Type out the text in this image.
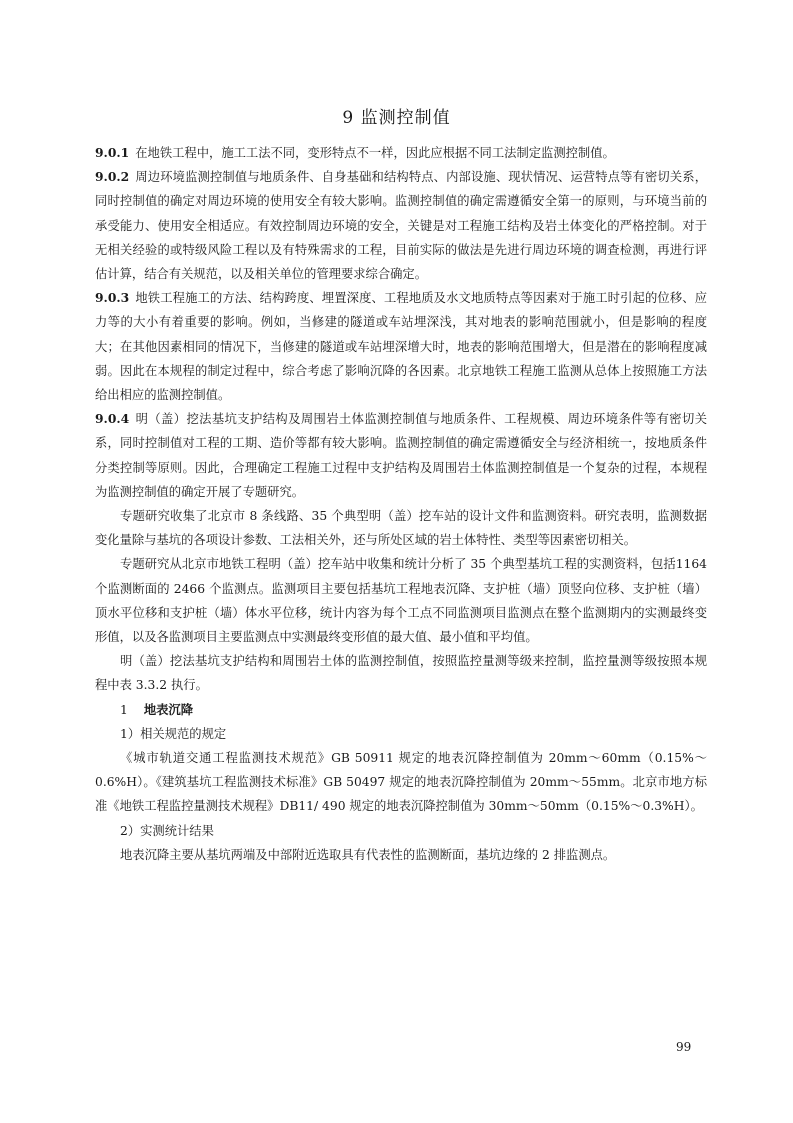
9 监测控制值

9.0.1 在地铁工程中，施工工法不同，变形特点不一样，因此应根据不同工法制定监测控制值。

9.0.2 周边环境监测控制值与地质条件、自身基础和结构特点、内部设施、现状情况、运营特点等有密切关系，同时控制值的确定对周边环境的使用安全有较大影响。监测控制值的确定需遵循安全第一的原则，与环境当前的承受能力、使用安全相适应。有效控制周边环境的安全，关键是对工程施工结构及岩土体变化的严格控制。对于无相关经验的或特级风险工程以及有特殊需求的工程，目前实际的做法是先进行周边环境的调查检测，再进行评估计算，结合有关规范，以及相关单位的管理要求综合确定。

9.0.3 地铁工程施工的方法、结构跨度、埋置深度、工程地质及水文地质特点等因素对于施工时引起的位移、应力等的大小有着重要的影响。例如，当修建的隧道或车站埋深浅，其对地表的影响范围就小，但是影响的程度大；在其他因素相同的情况下，当修建的隧道或车站埋深增大时，地表的影响范围增大，但是潜在的影响程度减弱。因此在本规程的制定过程中，综合考虑了影响沉降的各因素。北京地铁工程施工监测从总体上按照施工方法给出相应的监测控制值。

9.0.4 明（盖）挖法基坑支护结构及周围岩土体监测控制值与地质条件、工程规模、周边环境条件等有密切关系，同时控制值对工程的工期、造价等都有较大影响。监测控制值的确定需遵循安全与经济相统一，按地质条件分类控制等原则。因此，合理确定工程施工过程中支护结构及周围岩土体监测控制值是一个复杂的过程，本规程为监测控制值的确定开展了专题研究。

专题研究收集了北京市 8 条线路、35 个典型明（盖）挖车站的设计文件和监测资料。研究表明，监测数据变化量除与基坑的各项设计参数、工法相关外，还与所处区域的岩土体特性、类型等因素密切相关。

专题研究从北京市地铁工程明（盖）挖车站中收集和统计分析了 35 个典型基坑工程的实测资料，包括1164 个监测断面的 2466 个监测点。监测项目主要包括基坑工程地表沉降、支护桩（墙）顶竖向位移、支护桩（墙）顶水平位移和支护桩（墙）体水平位移，统计内容为每个工点不同监测项目监测点在整个监测期内的实测最终变形值，以及各监测项目主要监测点中实测最终变形值的最大值、最小值和平均值。

明（盖）挖法基坑支护结构和周围岩土体的监测控制值，按照监控量测等级来控制，监控量测等级按照本规程中表 3.3.2 执行。

1 地表沉降

1）相关规范的规定

《城市轨道交通工程监测技术规范》GB 50911 规定的地表沉降控制值为 20mm～60mm（0.15%～0.6%H）。《建筑基坑工程监测技术标准》GB 50497 规定的地表沉降控制值为 20mm～55mm。北京市地方标准《地铁工程监控量测技术规程》DB11/ 490 规定的地表沉降控制值为 30mm～50mm（0.15%～0.3%H）。

2）实测统计结果

地表沉降主要从基坑两端及中部附近选取具有代表性的监测断面，基坑边缘的 2 排监测点。

99
